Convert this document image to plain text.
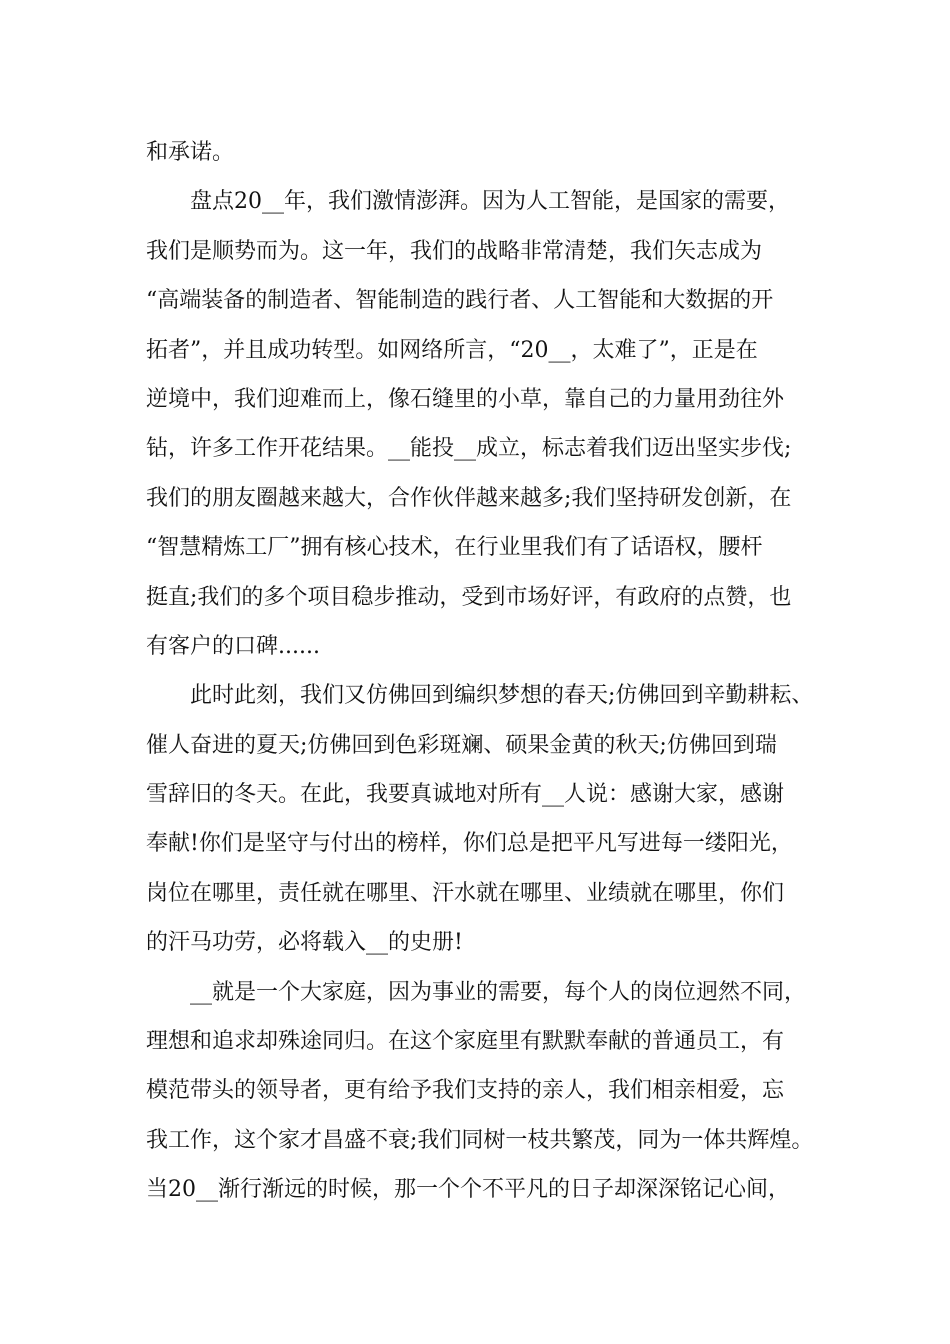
和承诺。
盘点20__年，我们激情澎湃。因为人工智能，是国家的需要，
我们是顺势而为。这一年，我们的战略非常清楚，我们矢志成为
“高端装备的制造者、智能制造的践行者、人工智能和大数据的开
拓者”，并且成功转型。如网络所言，“20__，太难了”，正是在
逆境中，我们迎难而上，像石缝里的小草，靠自己的力量用劲往外
钻，许多工作开花结果。__能投__成立，标志着我们迈出坚实步伐;
我们的朋友圈越来越大，合作伙伴越来越多;我们坚持研发创新，在
“智慧精炼工厂”拥有核心技术，在行业里我们有了话语权，腰杆
挺直;我们的多个项目稳步推动，受到市场好评，有政府的点赞，也
有客户的口碑......
此时此刻，我们又仿佛回到编织梦想的春天;仿佛回到辛勤耕耘、
催人奋进的夏天;仿佛回到色彩斑斓、硕果金黄的秋天;仿佛回到瑞
雪辞旧的冬天。在此，我要真诚地对所有__人说：感谢大家，感谢
奉献!你们是坚守与付出的榜样，你们总是把平凡写进每一缕阳光，
岗位在哪里，责任就在哪里、汗水就在哪里、业绩就在哪里，你们
的汗马功劳，必将载入__的史册!
__就是一个大家庭，因为事业的需要，每个人的岗位迥然不同，
理想和追求却殊途同归。在这个家庭里有默默奉献的普通员工，有
模范带头的领导者，更有给予我们支持的亲人，我们相亲相爱，忘
我工作，这个家才昌盛不衰;我们同树一枝共繁茂，同为一体共辉煌。
当20__渐行渐远的时候，那一个个不平凡的日子却深深铭记心间，
